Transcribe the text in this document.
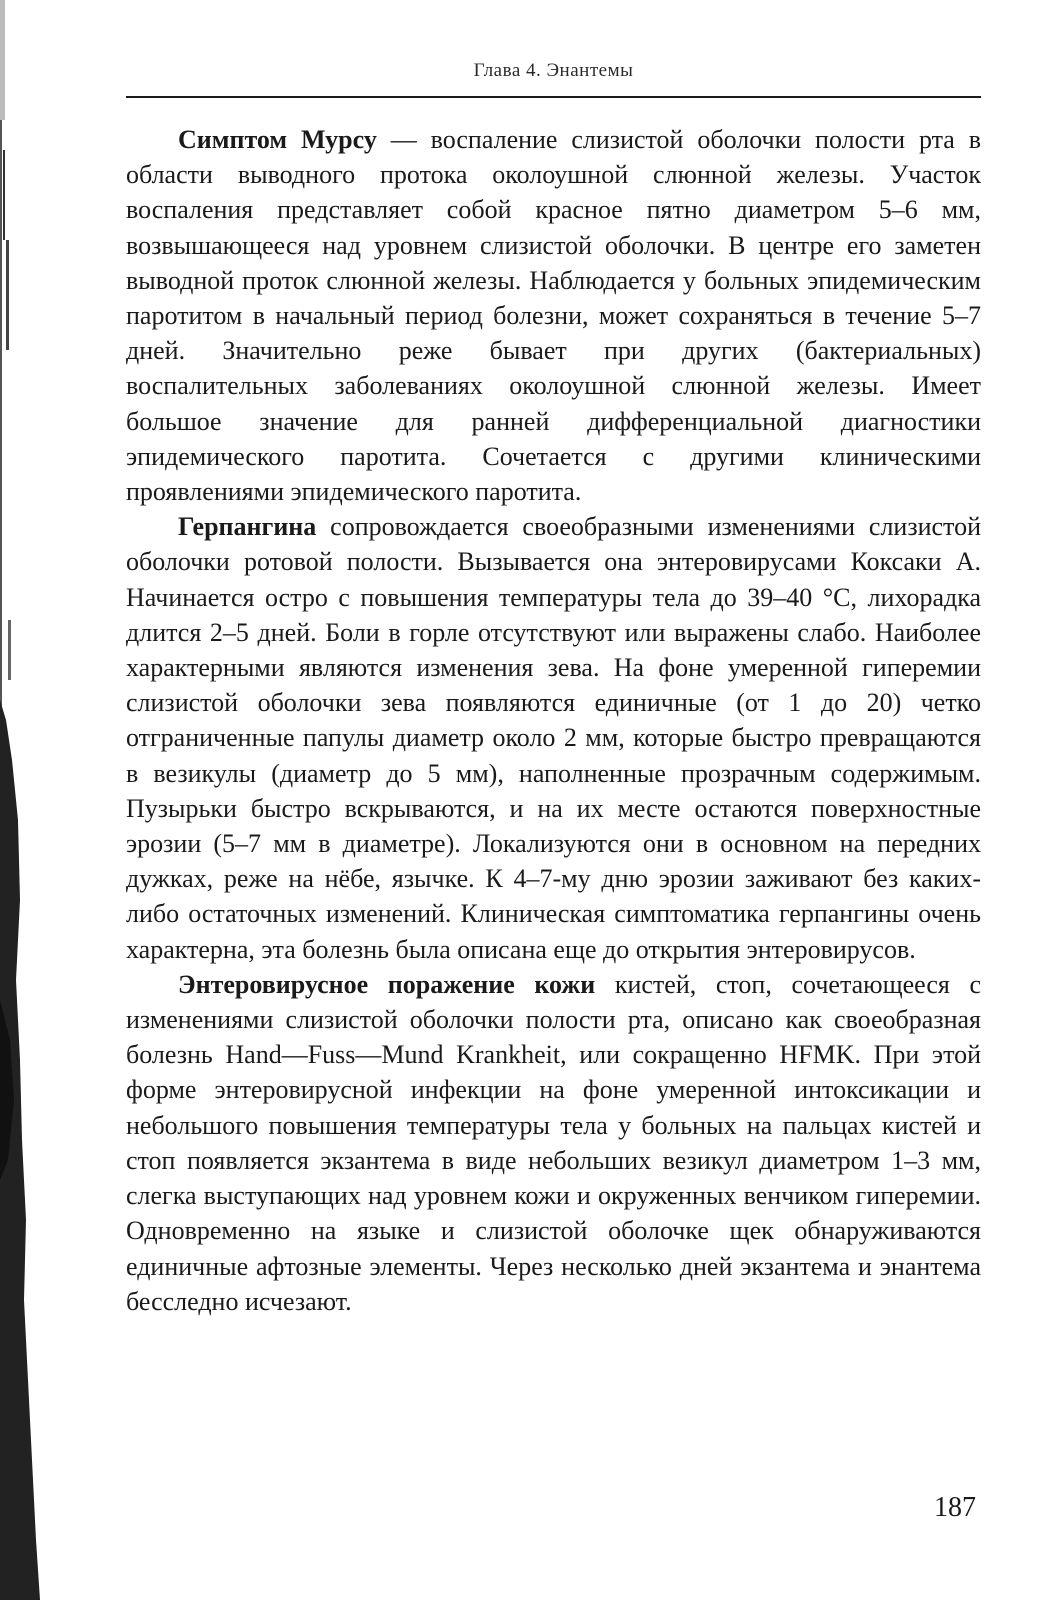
Глава 4. Энантемы

Симптом Мурсу — воспаление слизистой оболочки полости рта в области выводного протока околоушной слюнной железы. Участок воспаления представляет собой красное пятно диаметром 5–6 мм, возвышающееся над уровнем слизистой оболочки. В центре его заметен выводной проток слюнной железы. Наблюдается у больных эпидемическим паротитом в начальный период болезни, может сохраняться в течение 5–7 дней. Значительно реже бывает при других (бактериальных) воспалительных заболеваниях околоушной слюнной железы. Имеет большое значение для ранней дифференциальной диагностики эпидемического паротита. Сочетается с другими клиническими проявлениями эпидемического паротита.

Герпангина сопровождается своеобразными изменениями слизистой оболочки ротовой полости. Вызывается она энтеровирусами Коксаки А. Начинается остро с повышения температуры тела до 39–40 °C, лихорадка длится 2–5 дней. Боли в горле отсутствуют или выражены слабо. Наиболее характерными являются изменения зева. На фоне умеренной гиперемии слизистой оболочки зева появляются единичные (от 1 до 20) четко отграниченные папулы диаметр около 2 мм, которые быстро превращаются в везикулы (диаметр до 5 мм), наполненные прозрачным содержимым. Пузырьки быстро вскрываются, и на их месте остаются поверхностные эрозии (5–7 мм в диаметре). Локализуются они в основном на передних дужках, реже на нёбе, язычке. К 4–7-му дню эрозии заживают без каких-либо остаточных изменений. Клиническая симптоматика герпангины очень характерна, эта болезнь была описана еще до открытия энтеровирусов.

Энтеровирусное поражение кожи кистей, стоп, сочетающееся с изменениями слизистой оболочки полости рта, описано как своеобразная болезнь Hand—Fuss—Mund Krankheit, или сокращенно HFMK. При этой форме энтеровирусной инфекции на фоне умеренной интоксикации и небольшого повышения температуры тела у больных на пальцах кистей и стоп появляется экзантема в виде небольших везикул диаметром 1–3 мм, слегка выступающих над уровнем кожи и окруженных венчиком гиперемии. Одновременно на языке и слизистой оболочке щек обнаруживаются единичные афтозные элементы. Через несколько дней экзантема и энантема бесследно исчезают.

187
